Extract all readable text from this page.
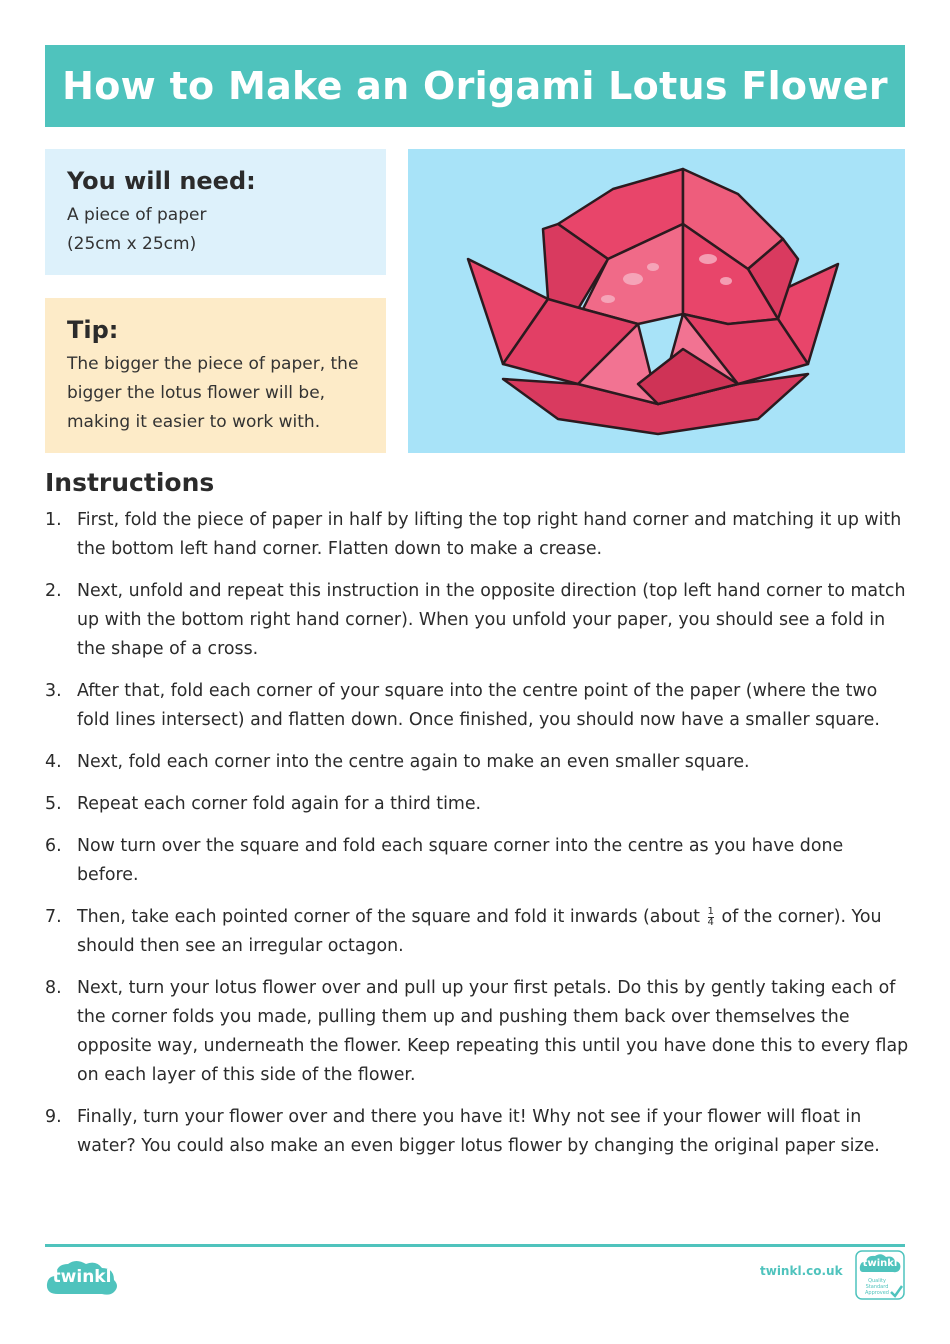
How to Make an Origami Lotus Flower
You will need:

A piece of paper

(25cm x 25cm)

Tip:

The bigger the piece of paper, the bigger the lotus flower will be, making it easier to work with.

Instructions
1. First, fold the piece of paper in half by lifting the top right hand corner and matching it up with the bottom left hand corner. Flatten down to make a crease.
2. Next, unfold and repeat this instruction in the opposite direction (top left hand corner to match up with the bottom right hand corner). When you unfold your paper, you should see a fold in the shape of a cross.
3. After that, fold each corner of your square into the centre point of the paper (where the two fold lines intersect) and flatten down. Once finished, you should now have a smaller square.
4. Next, fold each corner into the centre again to make an even smaller square.
5. Repeat each corner fold again for a third time.
6. Now turn over the square and fold each square corner into the centre as you have done before.
7. Then, take each pointed corner of the square and fold it inwards (about $\frac{1}{4}$ of the corner). You should then see an irregular octagon.
8. Next, turn your lotus flower over and pull up your first petals. Do this by gently taking each of the corner folds you made, pulling them up and pushing them back over themselves the opposite way, underneath the flower. Keep repeating this until you have done this to every flap on each layer of this side of the flower.
9. Finally, turn your flower over and there you have it! Why not see if your flower will float in water? You could also make an even bigger lotus flower by changing the original paper size.
twinkl	twinkl.co.uk
twinkl
Quality Standard Approved
